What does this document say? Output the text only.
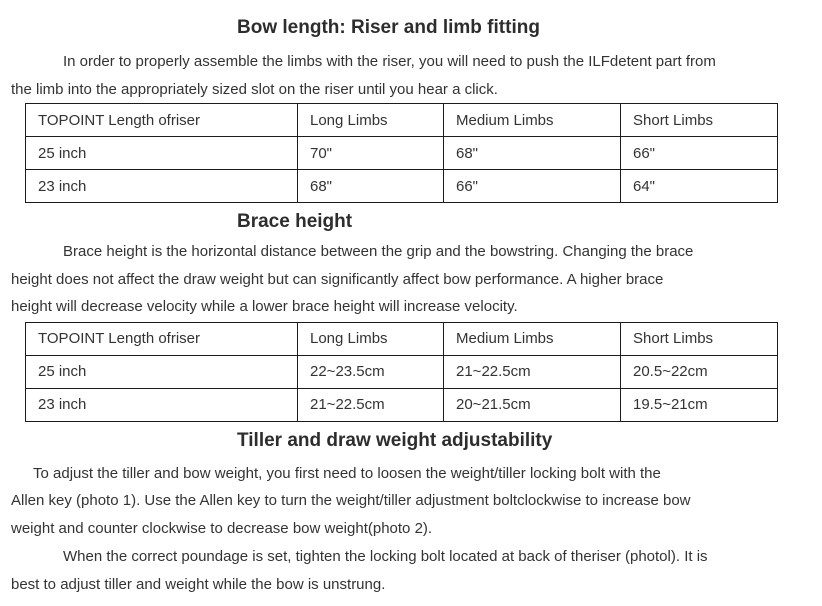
Bow length: Riser and limb fitting
In order to properly assemble the limbs with the riser, you will need to push the ILFdetent part from
the limb into the appropriately sized slot on the riser until you hear a click.
TOPOINT Length ofriser	Long Limbs	Medium Limbs	Short Limbs
25 inch	70"	68"	66"
23 inch	68"	66"	64"
Brace height
Brace height is the horizontal distance between the grip and the bowstring. Changing the brace
height does not affect the draw weight but can significantly affect bow performance. A higher brace
height will decrease velocity while a lower brace height will increase velocity.
TOPOINT Length ofriser	Long Limbs	Medium Limbs	Short Limbs
25 inch	22~23.5cm	21~22.5cm	20.5~22cm
23 inch	21~22.5cm	20~21.5cm	19.5~21cm
Tiller and draw weight adjustability
To adjust the tiller and bow weight, you first need to loosen the weight/tiller locking bolt with the
Allen key (photo 1). Use the Allen key to turn the weight/tiller adjustment boltclockwise to increase bow
weight and counter clockwise to decrease bow weight(photo 2).
When the correct poundage is set, tighten the locking bolt located at back of theriser (photol). It is
best to adjust tiller and weight while the bow is unstrung.
